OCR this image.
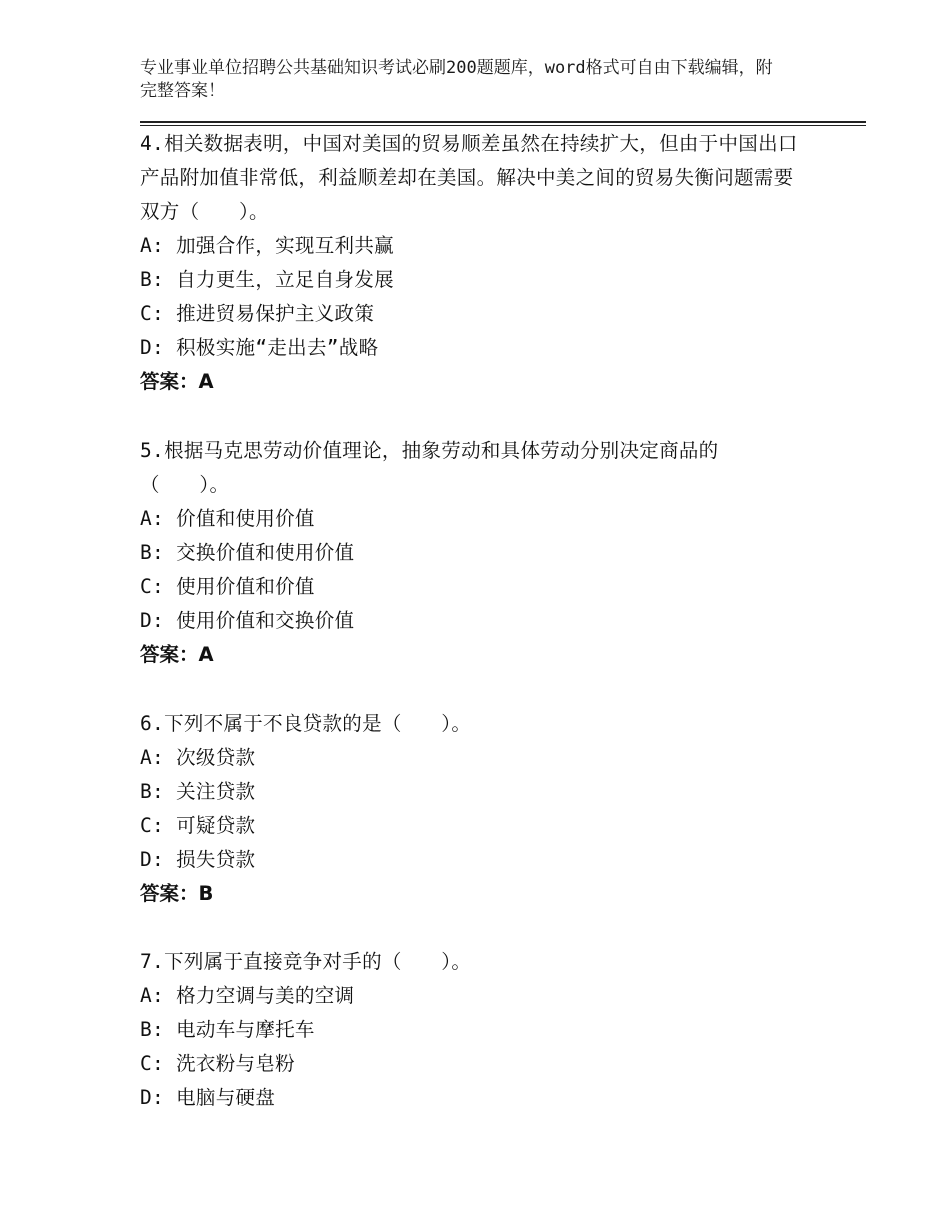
专业事业单位招聘公共基础知识考试必刷200题题库，word格式可自由下载编辑，附完整答案！

4.相关数据表明，中国对美国的贸易顺差虽然在持续扩大，但由于中国出口产品附加值非常低，利益顺差却在美国。解决中美之间的贸易失衡问题需要双方（　　）。

A: 加强合作，实现互利共赢

B: 自力更生，立足自身发展

C: 推进贸易保护主义政策

D: 积极实施“走出去”战略

答案：A

5.根据马克思劳动价值理论，抽象劳动和具体劳动分别决定商品的（　　）。

A: 价值和使用价值

B: 交换价值和使用价值

C: 使用价值和价值

D: 使用价值和交换价值

答案：A

6.下列不属于不良贷款的是（　　）。

A: 次级贷款

B: 关注贷款

C: 可疑贷款

D: 损失贷款

答案：B

7.下列属于直接竞争对手的（　　）。

A: 格力空调与美的空调

B: 电动车与摩托车

C: 洗衣粉与皂粉

D: 电脑与硬盘
